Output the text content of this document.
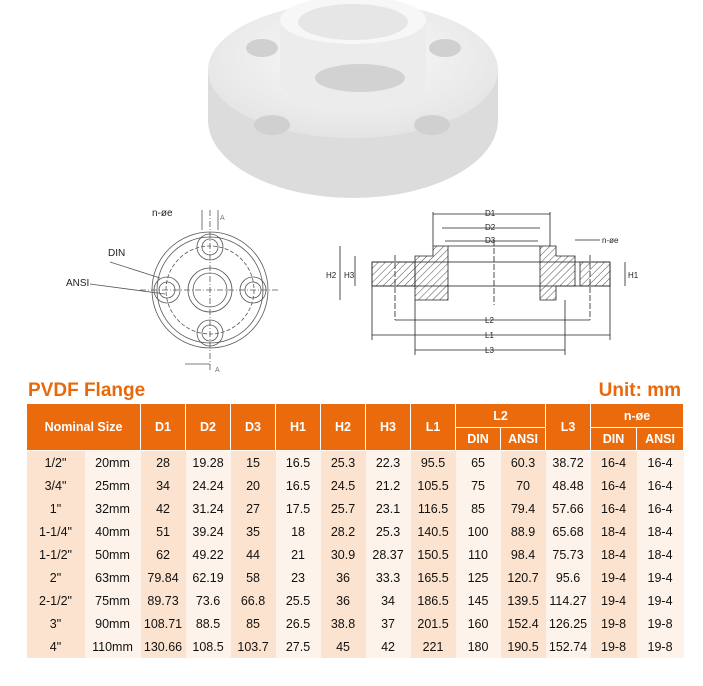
n-øe	A
A
DIN
ANSI
D1
D2
D3	n-øe
L2
L1
L3
H2 H3	H1
PVDF Flange	Unit: mm
Nominal Size		D1	D2	D3	H1	H2	H3	L1	L2		L3	n-øe	
									DIN	ANSI		DIN	ANSI
1/2"	20mm	28	19.28	15	16.5	25.3	22.3	95.5	65	60.3	38.72	16-4	16-4
3/4"	25mm	34	24.24	20	16.5	24.5	21.2	105.5	75	70	48.48	16-4	16-4
1"	32mm	42	31.24	27	17.5	25.7	23.1	116.5	85	79.4	57.66	16-4	16-4
1-1/4"	40mm	51	39.24	35	18	28.2	25.3	140.5	100	88.9	65.68	18-4	18-4
1-1/2"	50mm	62	49.22	44	21	30.9	28.37	150.5	110	98.4	75.73	18-4	18-4
2"	63mm	79.84	62.19	58	23	36	33.3	165.5	125	120.7	95.6	19-4	19-4
2-1/2"	75mm	89.73	73.6	66.8	25.5	36	34	186.5	145	139.5	114.27	19-4	19-4
3"	90mm	108.71	88.5	85	26.5	38.8	37	201.5	160	152.4	126.25	19-8	19-8
4"	110mm	130.66	108.5	103.7	27.5	45	42	221	180	190.5	152.74	19-8	19-8
